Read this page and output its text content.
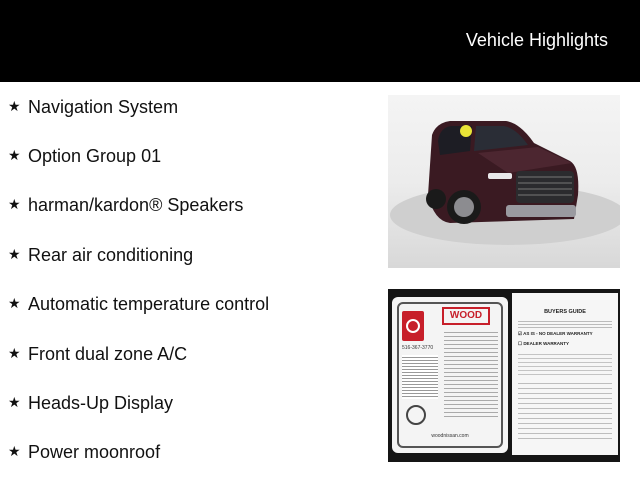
Vehicle Highlights
★ Navigation System
★ Option Group 01
★ harman/kardon® Speakers
★ Rear air conditioning
★ Automatic temperature control
★ Front dual zone A/C
★ Heads-Up Display
★ Power moonroof
WOOD
516-367-3770
woodnissan.com
BUYERS GUIDE
☑ AS IS - NO DEALER WARRANTY
☐ DEALER WARRANTY
